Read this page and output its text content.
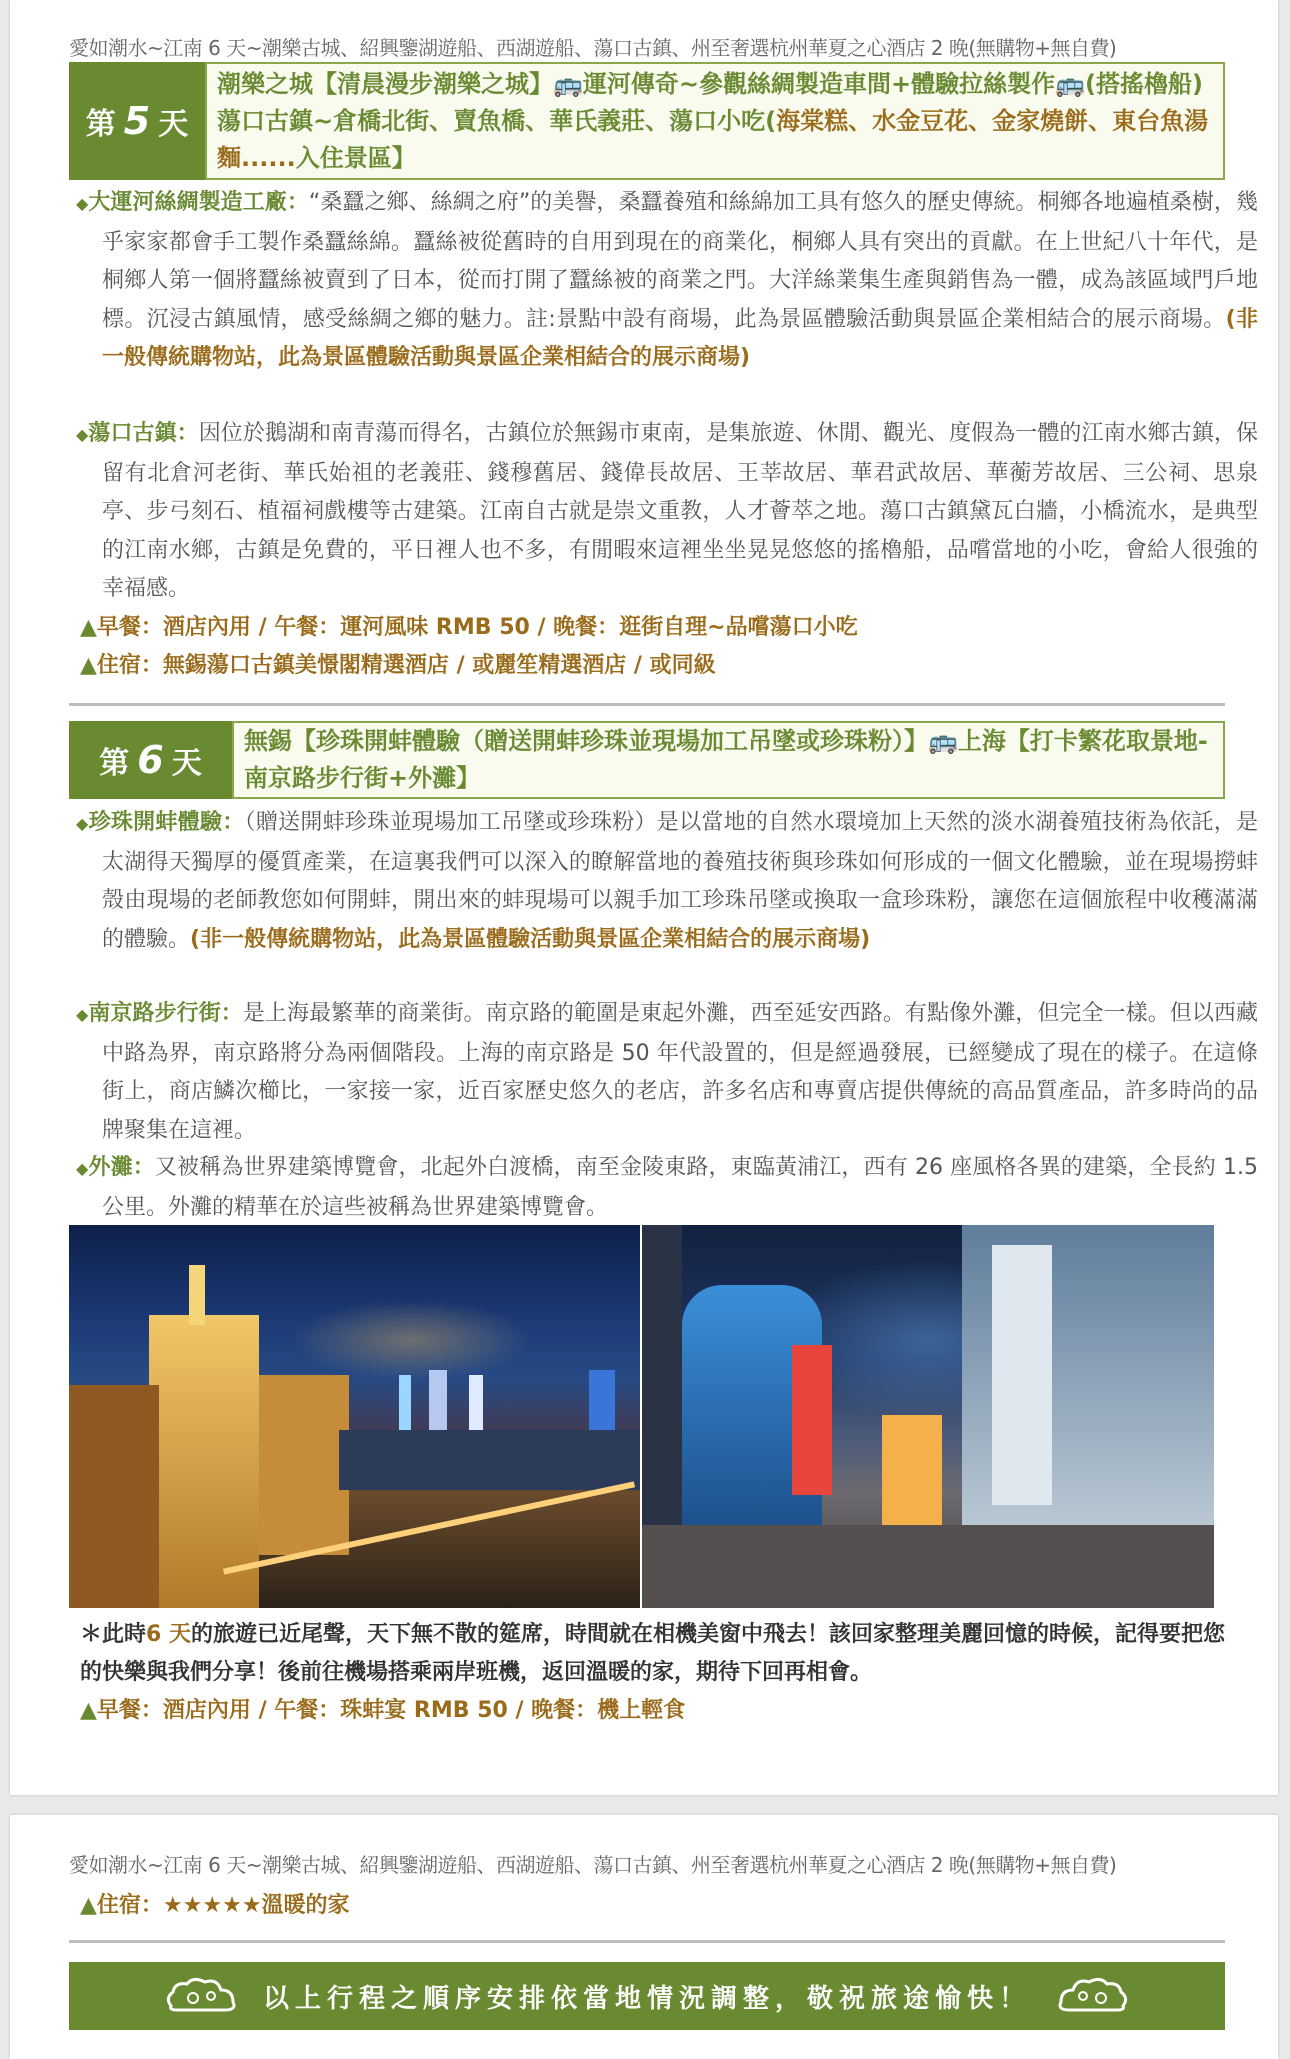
愛如潮水~江南 6 天~潮樂古城、紹興鑒湖遊船、西湖遊船、蕩口古鎮、州至奢選杭州華夏之心酒店 2 晚(無購物+無自費)
第 5 天
潮樂之城【清晨漫步潮樂之城】🚌運河傳奇~參觀絲綢製造車間+體驗拉絲製作🚌(搭搖櫓船)蕩口古鎮~倉橋北街、賣魚橋、華氏義莊、蕩口小吃(海棠糕、水金豆花、金家燒餅、東台魚湯麵......入住景區】
◆大運河絲綢製造工廠：“桑蠶之鄉、絲綢之府”的美譽，桑蠶養殖和絲綿加工具有悠久的歷史傳統。桐鄉各地遍植桑樹，幾乎家家都會手工製作桑蠶絲綿。蠶絲被從舊時的自用到現在的商業化，桐鄉人具有突出的貢獻。在上世紀八十年代，是桐鄉人第一個將蠶絲被賣到了日本，從而打開了蠶絲被的商業之門。大洋絲業集生產與銷售為一體，成為該區域門戶地標。沉浸古鎮風情，感受絲綢之鄉的魅力。註:景點中設有商場，此為景區體驗活動與景區企業相結合的展示商場。(非一般傳統購物站，此為景區體驗活動與景區企業相結合的展示商場)
◆蕩口古鎮：因位於鵝湖和南青蕩而得名，古鎮位於無錫市東南，是集旅遊、休閒、觀光、度假為一體的江南水鄉古鎮，保留有北倉河老街、華氏始祖的老義莊、錢穆舊居、錢偉長故居、王莘故居、華君武故居、華蘅芳故居、三公祠、思泉亭、步弓刻石、植福祠戲樓等古建築。江南自古就是崇文重教，人才薈萃之地。蕩口古鎮黛瓦白牆，小橋流水，是典型的江南水鄉，古鎮是免費的，平日裡人也不多，有閒暇來這裡坐坐晃晃悠悠的搖櫓船，品嚐當地的小吃，會給人很強的幸福感。
▲早餐：酒店內用 / 午餐：運河風味 RMB 50 / 晚餐：逛街自理~品嚐蕩口小吃
▲住宿：無錫蕩口古鎮美憬閣精選酒店 / 或麗笙精選酒店 / 或同級
第 6 天
無錫【珍珠開蚌體驗（贈送開蚌珍珠並現場加工吊墜或珍珠粉）】🚌上海【打卡繁花取景地-南京路步行街+外灘】
◆珍珠開蚌體驗：（贈送開蚌珍珠並現場加工吊墜或珍珠粉）是以當地的自然水環境加上天然的淡水湖養殖技術為依託，是太湖得天獨厚的優質產業，在這裏我們可以深入的瞭解當地的養殖技術與珍珠如何形成的一個文化體驗，並在現場撈蚌殼由現場的老師教您如何開蚌，開出來的蚌現場可以親手加工珍珠吊墜或換取一盒珍珠粉，讓您在這個旅程中收穫滿滿的體驗。(非一般傳統購物站，此為景區體驗活動與景區企業相結合的展示商場)
◆南京路步行街：是上海最繁華的商業街。南京路的範圍是東起外灘，西至延安西路。有點像外灘，但完全一樣。但以西藏中路為界，南京路將分為兩個階段。上海的南京路是 50 年代設置的，但是經過發展，已經變成了現在的樣子。在這條街上，商店鱗次櫛比，一家接一家，近百家歷史悠久的老店，許多名店和專賣店提供傳統的高品質產品，許多時尚的品牌聚集在這裡。
◆外灘：又被稱為世界建築博覽會，北起外白渡橋，南至金陵東路，東臨黃浦江，西有 26 座風格各異的建築，全長約 1.5 公里。外灘的精華在於這些被稱為世界建築博覽會。
＊此時6 天的旅遊已近尾聲，天下無不散的筵席，時間就在相機美窗中飛去！該回家整理美麗回憶的時候，記得要把您的快樂與我們分享！後前往機場搭乘兩岸班機，返回溫暖的家，期待下回再相會。
▲早餐：酒店內用 / 午餐：珠蚌宴 RMB 50 / 晚餐：機上輕食
愛如潮水~江南 6 天~潮樂古城、紹興鑒湖遊船、西湖遊船、蕩口古鎮、州至奢選杭州華夏之心酒店 2 晚(無購物+無自費)
▲住宿：★★★★★溫暖的家
以上行程之順序安排依當地情況調整，敬祝旅途愉快！
